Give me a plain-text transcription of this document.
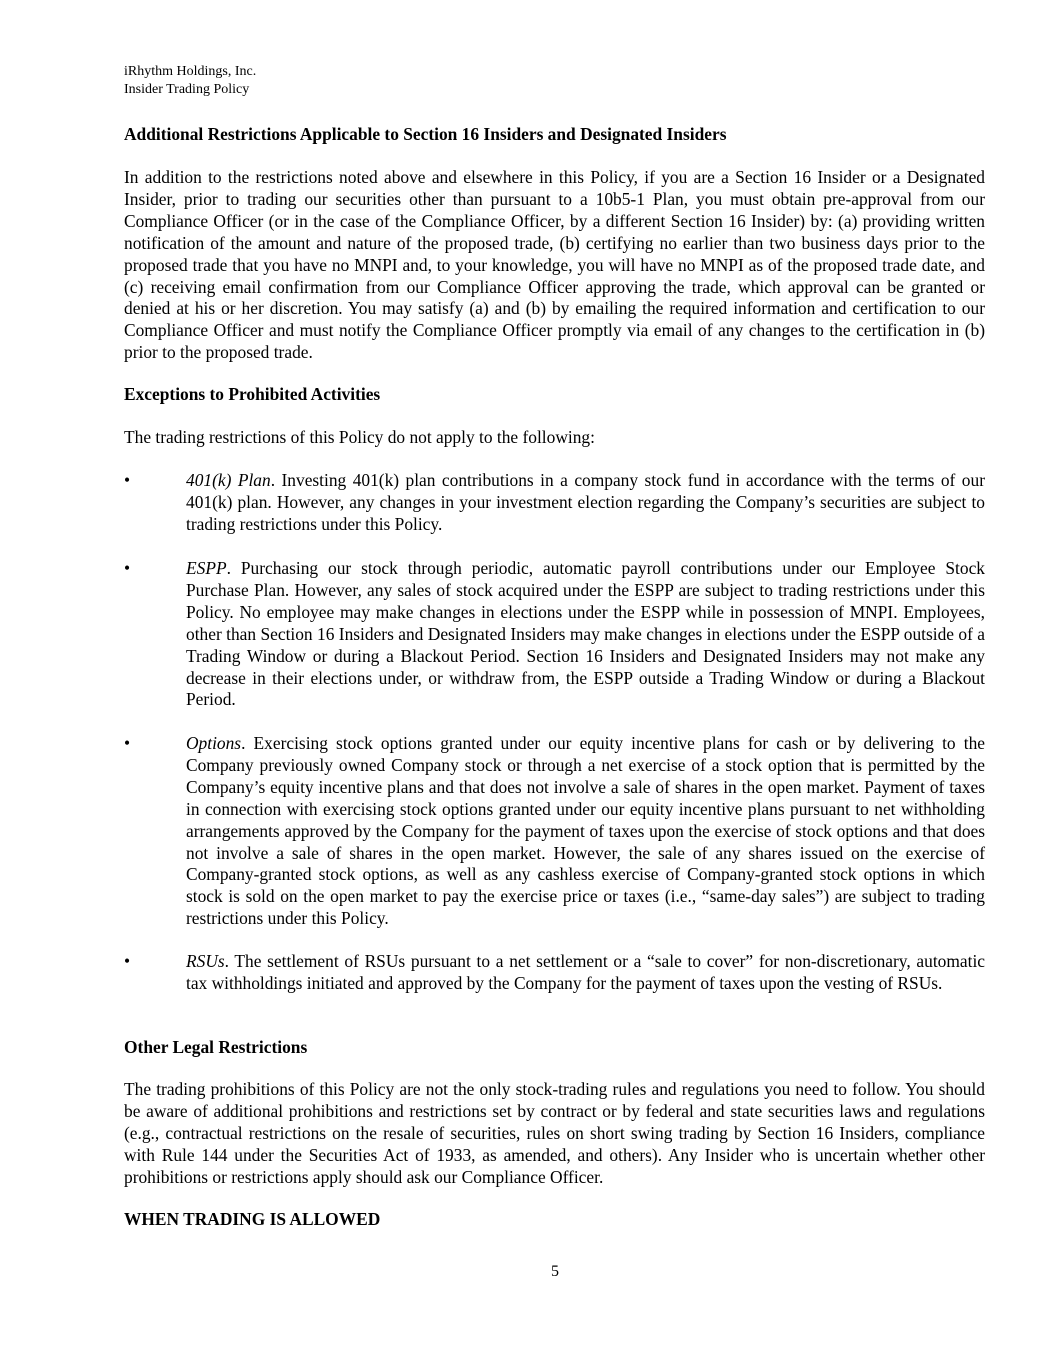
iRhythm Holdings, Inc.
Insider Trading Policy
Additional Restrictions Applicable to Section 16 Insiders and Designated Insiders
In addition to the restrictions noted above and elsewhere in this Policy, if you are a Section 16 Insider or a Designated Insider, prior to trading our securities other than pursuant to a 10b5-1 Plan, you must obtain pre-approval from our Compliance Officer (or in the case of the Compliance Officer, by a different Section 16 Insider) by: (a) providing written notification of the amount and nature of the proposed trade, (b) certifying no earlier than two business days prior to the proposed trade that you have no MNPI and, to your knowledge, you will have no MNPI as of the proposed trade date, and (c) receiving email confirmation from our Compliance Officer approving the trade, which approval can be granted or denied at his or her discretion. You may satisfy (a) and (b) by emailing the required information and certification to our Compliance Officer and must notify the Compliance Officer promptly via email of any changes to the certification in (b) prior to the proposed trade.
Exceptions to Prohibited Activities
The trading restrictions of this Policy do not apply to the following:
•	401(k) Plan. Investing 401(k) plan contributions in a company stock fund in accordance with the terms of our 401(k) plan. However, any changes in your investment election regarding the Company’s securities are subject to trading restrictions under this Policy.
•	ESPP. Purchasing our stock through periodic, automatic payroll contributions under our Employee Stock Purchase Plan. However, any sales of stock acquired under the ESPP are subject to trading restrictions under this Policy. No employee may make changes in elections under the ESPP while in possession of MNPI. Employees, other than Section 16 Insiders and Designated Insiders may make changes in elections under the ESPP outside of a Trading Window or during a Blackout Period. Section 16 Insiders and Designated Insiders may not make any decrease in their elections under, or withdraw from, the ESPP outside a Trading Window or during a Blackout Period.
•	Options. Exercising stock options granted under our equity incentive plans for cash or by delivering to the Company previously owned Company stock or through a net exercise of a stock option that is permitted by the Company’s equity incentive plans and that does not involve a sale of shares in the open market. Payment of taxes in connection with exercising stock options granted under our equity incentive plans pursuant to net withholding arrangements approved by the Company for the payment of taxes upon the exercise of stock options and that does not involve a sale of shares in the open market. However, the sale of any shares issued on the exercise of Company-granted stock options, as well as any cashless exercise of Company-granted stock options in which stock is sold on the open market to pay the exercise price or taxes (i.e., “same-day sales”) are subject to trading restrictions under this Policy.
•	RSUs. The settlement of RSUs pursuant to a net settlement or a “sale to cover” for non-discretionary, automatic tax withholdings initiated and approved by the Company for the payment of taxes upon the vesting of RSUs.
Other Legal Restrictions
The trading prohibitions of this Policy are not the only stock-trading rules and regulations you need to follow. You should be aware of additional prohibitions and restrictions set by contract or by federal and state securities laws and regulations (e.g., contractual restrictions on the resale of securities, rules on short swing trading by Section 16 Insiders, compliance with Rule 144 under the Securities Act of 1933, as amended, and others). Any Insider who is uncertain whether other prohibitions or restrictions apply should ask our Compliance Officer.
WHEN TRADING IS ALLOWED
5
